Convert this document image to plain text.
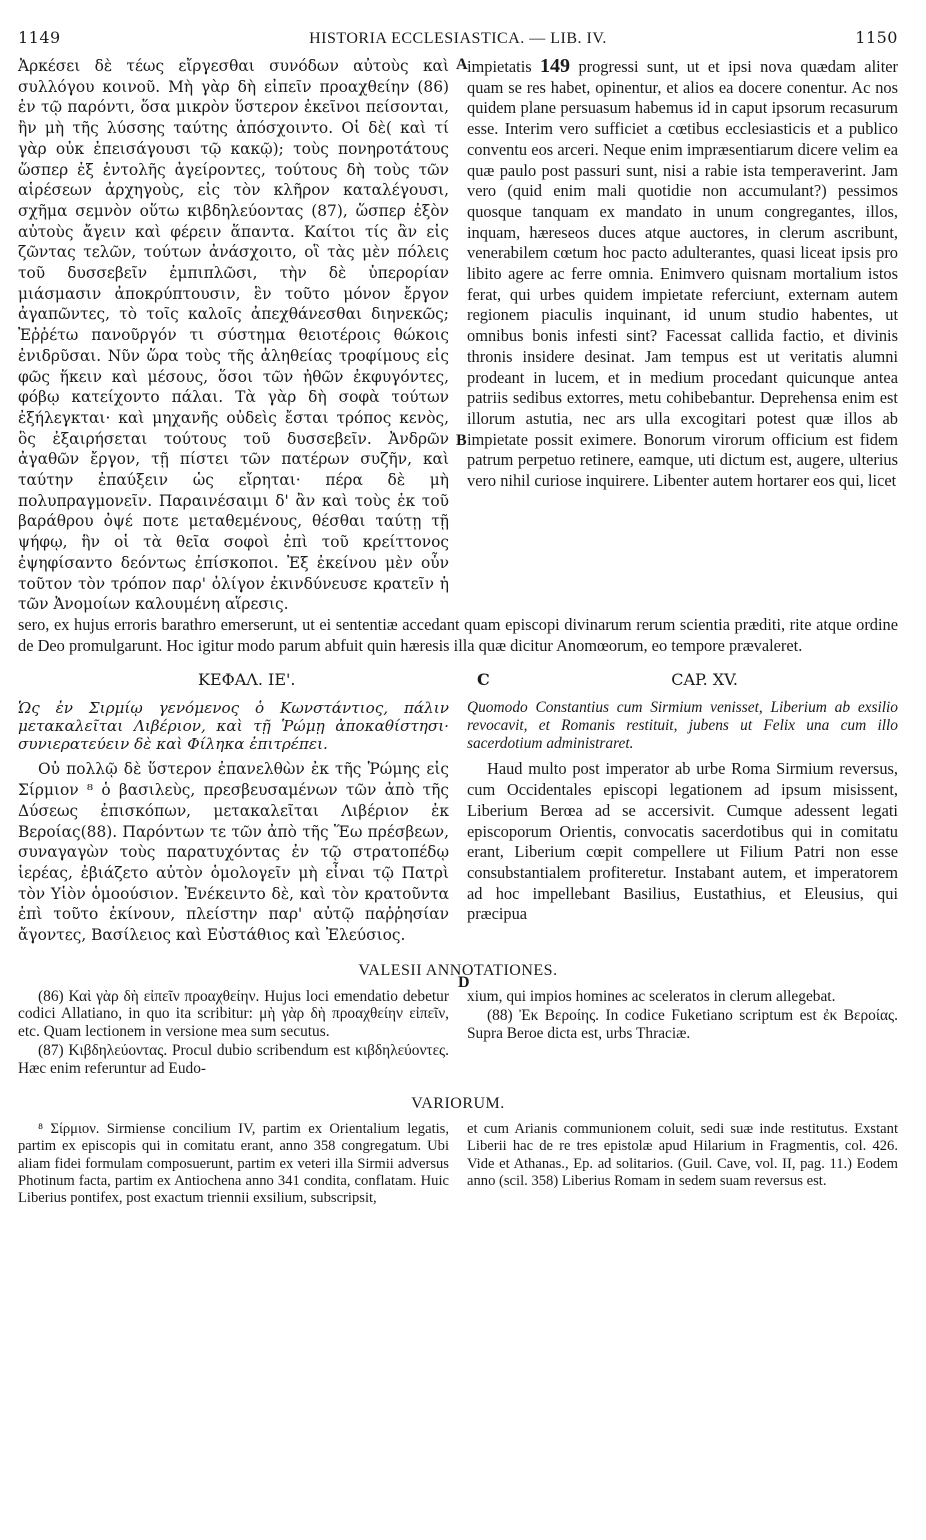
1149	HISTORIA ECCLESIASTICA. — LIB. IV.	1150
A
B

Ἀρκέσει δὲ τέως εἴργεσθαι συνόδων αὐτοὺς καὶ συλλόγου κοινοῦ. Μὴ γὰρ δὴ εἰπεῖν προαχθείην (86) ἐν τῷ παρόντι, ὅσα μικρὸν ὕστερον ἐκεῖνοι πείσονται, ἢν μὴ τῆς λύσσης ταύτης ἀπόσχοιντο. Οἱ δὲ( καὶ τί γὰρ οὐκ ἐπεισάγουσι τῷ κακῷ); τοὺς πονηροτάτους ὥσπερ ἐξ ἐντολῆς ἀγείροντες, τούτους δὴ τοὺς τῶν αἱρέσεων ἀρχηγοὺς, εἰς τὸν κλῆρον καταλέγουσι, σχῆμα σεμνὸν οὕτω κιβδηλεύοντας (87), ὥσπερ ἐξὸν αὐτοὺς ἄγειν καὶ φέρειν ἅπαντα. Καίτοι τίς ἂν εἰς ζῶντας τελῶν, τούτων ἀνάσχοιτο, οἳ τὰς μὲν πόλεις τοῦ δυσσεβεῖν ἐμπιπλῶσι, τὴν δὲ ὑπερορίαν μιάσμασιν ἀποκρύπτουσιν, ἓν τοῦτο μόνον ἔργον ἀγαπῶντες, τὸ τοῖς καλοῖς ἀπεχθάνεσθαι διηνεκῶς; Ἐῤῥέτω πανοῦργόν τι σύστημα θειοτέροις θώκοις ἐνιδρῦσαι. Νῦν ὥρα τοὺς τῆς ἀληθείας τροφίμους εἰς φῶς ἥκειν καὶ μέσους, ὅσοι τῶν ἠθῶν ἐκφυγόντες, φόβῳ κατείχοντο πάλαι. Τὰ γὰρ δὴ σοφὰ τούτων ἐξήλεγκται· καὶ μηχανῆς οὐδεὶς ἔσται τρόπος κενὸς, ὃς ἐξαιρήσεται τούτους τοῦ δυσσεβεῖν. Ἀνδρῶν ἀγαθῶν ἔργον, τῇ πίστει τῶν πατέρων συζῆν, καὶ ταύτην ἐπαύξειν ὡς εἴρηται· πέρα δὲ μὴ πολυπραγμονεῖν. Παραινέσαιμι δ' ἂν καὶ τοὺς ἐκ τοῦ βαράθρου ὀψέ ποτε μεταθεμένους, θέσθαι ταύτῃ τῇ ψήφῳ, ἣν οἱ τὰ θεῖα σοφοὶ ἐπὶ τοῦ κρείττονος ἐψηφίσαντο δεόντως ἐπίσκοποι. Ἐξ ἐκείνου μὲν οὖν τοῦτον τὸν τρόπον παρ' ὀλίγον ἐκινδύνευσε κρατεῖν ἡ τῶν Ἀνομοίων καλουμένη αἵρεσις.

impietatis 149 progressi sunt, ut et ipsi nova quædam aliter quam se res habet, opinentur, et alios ea docere conentur. Ac nos quidem plane persuasum habemus id in caput ipsorum recasurum esse. Interim vero sufficiet a cœtibus ecclesiasticis et a publico conventu eos arceri. Neque enim impræsentiarum dicere velim ea quæ paulo post passuri sunt, nisi a rabie ista temperaverint. Jam vero (quid enim mali quotidie non accumulant?) pessimos quosque tanquam ex mandato in unum congregantes, illos, inquam, hæreseos duces atque auctores, in clerum ascribunt, venerabilem cœtum hoc pacto adulterantes, quasi liceat ipsis pro libito agere ac ferre omnia. Enimvero quisnam mortalium istos ferat, qui urbes quidem impietate referciunt, externam autem regionem piaculis inquinant, id unum studio habentes, ut omnibus bonis infesti sint? Facessat callida factio, et divinis thronis insidere desinat. Jam tempus est ut veritatis alumni prodeant in lucem, et in medium procedant quicunque antea patriis sedibus extorres, metu cohibebantur. Deprehensa enim est illorum astutia, nec ars ulla excogitari potest quæ illos ab impietate possit eximere. Bonorum virorum officium est fidem patrum perpetuo retinere, eamque, uti dictum est, augere, ulterius vero nihil curiose inquirere. Libenter autem hortarer eos qui, licet

sero, ex hujus erroris barathro emerserunt, ut ei sententiæ accedant quam episcopi divinarum rerum scientia præditi, rite atque ordine de Deo promulgarunt. Hoc igitur modo parum abfuit quin hæresis illa quæ dicitur Anomœorum, eo tempore prævaleret.

ΚΕΦΑΛ. ΙΕ'.	C	CAP. XV.

Ὡς ἐν Σιρμίῳ γενόμενος ὁ Κωνστάντιος, πάλιν μετακαλεῖται Λιβέριον, καὶ τῇ Ῥώμῃ ἀποκαθίστησι· συνιερατεύειν δὲ καὶ Φίληκα ἐπιτρέπει.

Οὐ πολλῷ δὲ ὕστερον ἐπανελθὼν ἐκ τῆς Ῥώμης εἰς Σίρμιον ⁸ ὁ βασιλεὺς, πρεσβευσαμένων τῶν ἀπὸ τῆς Δύσεως ἐπισκόπων, μετακαλεῖται Λιβέριον ἐκ Βεροίας(88). Παρόντων τε τῶν ἀπὸ τῆς Ἕω πρέσβεων, συναγαγὼν τοὺς παρατυχόντας ἐν τῷ στρατοπέδῳ ἱερέας, ἐβιάζετο αὐτὸν ὁμολογεῖν μὴ εἶναι τῷ Πατρὶ τὸν Υἱὸν ὁμοούσιον. Ἐνέκειντο δὲ, καὶ τὸν κρατοῦντα ἐπὶ τοῦτο ἐκίνουν, πλείστην παρ' αὐτῷ παῤῥησίαν ἄγοντες, Βασίλειος καὶ Εὐστάθιος καὶ Ἐλεύσιος.

Quomodo Constantius cum Sirmium venisset, Liberium ab exsilio revocavit, et Romanis restituit, jubens ut Felix una cum illo sacerdotium administraret.

Haud multo post imperator ab urbe Roma Sirmium reversus, cum Occidentales episcopi legationem ad ipsum misissent, Liberium Berœa ad se accersivit. Cumque adessent legati episcoporum Orientis, convocatis sacerdotibus qui in comitatu erant, Liberium cœpit compellere ut Filium Patri non esse consubstantialem profiteretur. Instabant autem, et imperatorem ad hoc impellebant Basilius, Eustathius, et Eleusius, qui præcipua

VALESII ANNOTATIONES.
D

(86) Καὶ γὰρ δὴ εἰπεῖν προαχθείην. Hujus loci emendatio debetur codici Allatiano, in quo ita scribitur: μὴ γὰρ δὴ προαχθείην εἰπεῖν, etc. Quam lectionem in versione mea sum secutus.

(87) Κιβδηλεύοντας. Procul dubio scribendum est κιβδηλεύοντες. Hæc enim referuntur ad Eudo-

xium, qui impios homines ac sceleratos in clerum allegebat.

(88) Ἐκ Βεροίης. In codice Fuketiano scriptum est ἐκ Βεροίας. Supra Beroe dicta est, urbs Thraciæ.

VARIORUM.

⁸ Σίρμιον. Sirmiense concilium IV, partim ex Orientalium legatis, partim ex episcopis qui in comitatu erant, anno 358 congregatum. Ubi aliam fidei formulam composuerunt, partim ex veteri illa Sirmii adversus Photinum facta, partim ex Antiochena anno 341 condita, conflatam. Huic Liberius pontifex, post exactum triennii exsilium, subscripsit,

et cum Arianis communionem coluit, sedi suæ inde restitutus. Exstant Liberii hac de re tres epistolæ apud Hilarium in Fragmentis, col. 426. Vide et Athanas., Ep. ad solitarios. (Guil. Cave, vol. II, pag. 11.) Eodem anno (scil. 358) Liberius Romam in sedem suam reversus est.
